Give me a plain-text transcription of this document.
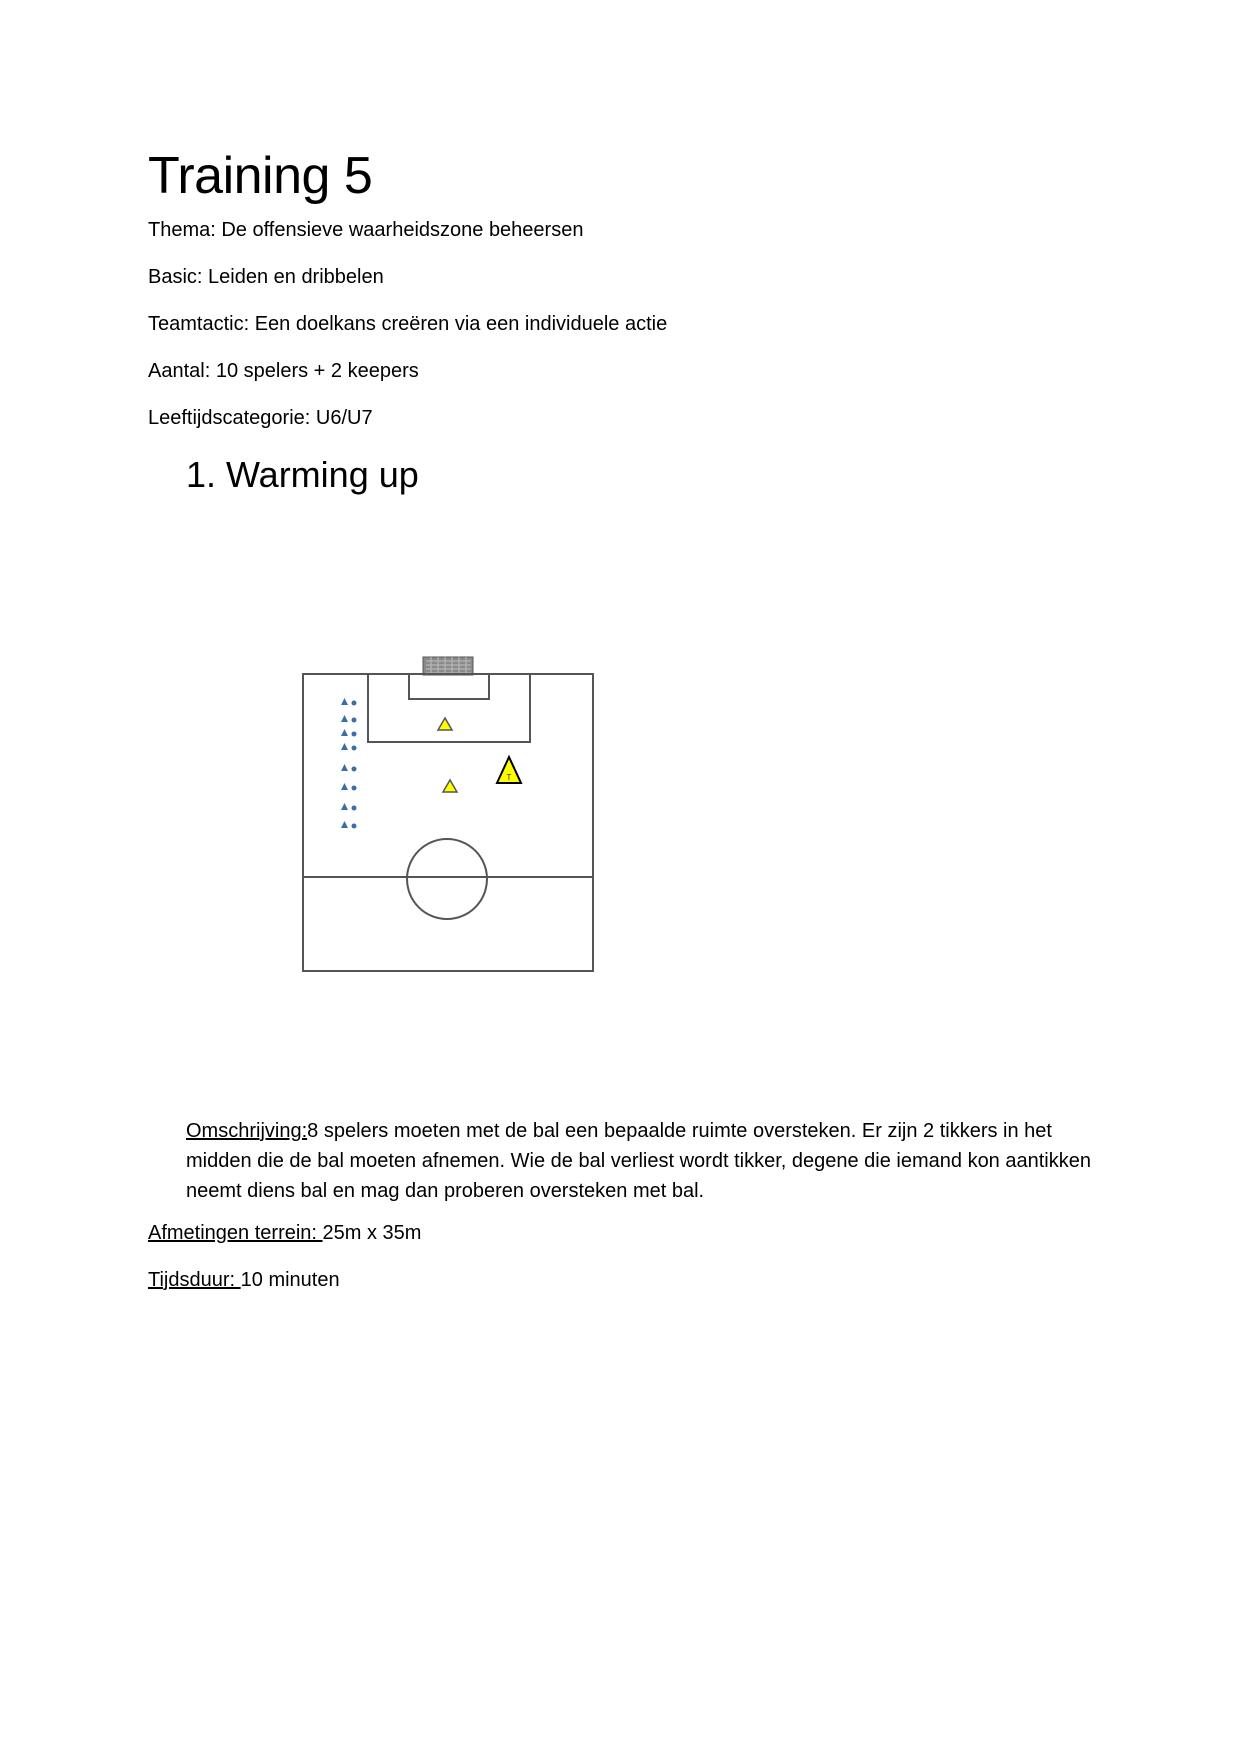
Training 5

Thema: De offensieve waarheidszone beheersen

Basic: Leiden en dribbelen

Teamtactic: Een doelkans creëren via een individuele actie

Aantal: 10 spelers + 2 keepers

Leeftijdscategorie: U6/U7

1. Warming up
T

Omschrijving:8 spelers moeten met de bal een bepaalde ruimte oversteken. Er zijn 2 tikkers in het midden die de bal moeten afnemen. Wie de bal verliest wordt tikker, degene die iemand kon aantikken neemt diens bal en mag dan proberen oversteken met bal.

Afmetingen terrein: 25m x 35m

Tijdsduur: 10 minuten
